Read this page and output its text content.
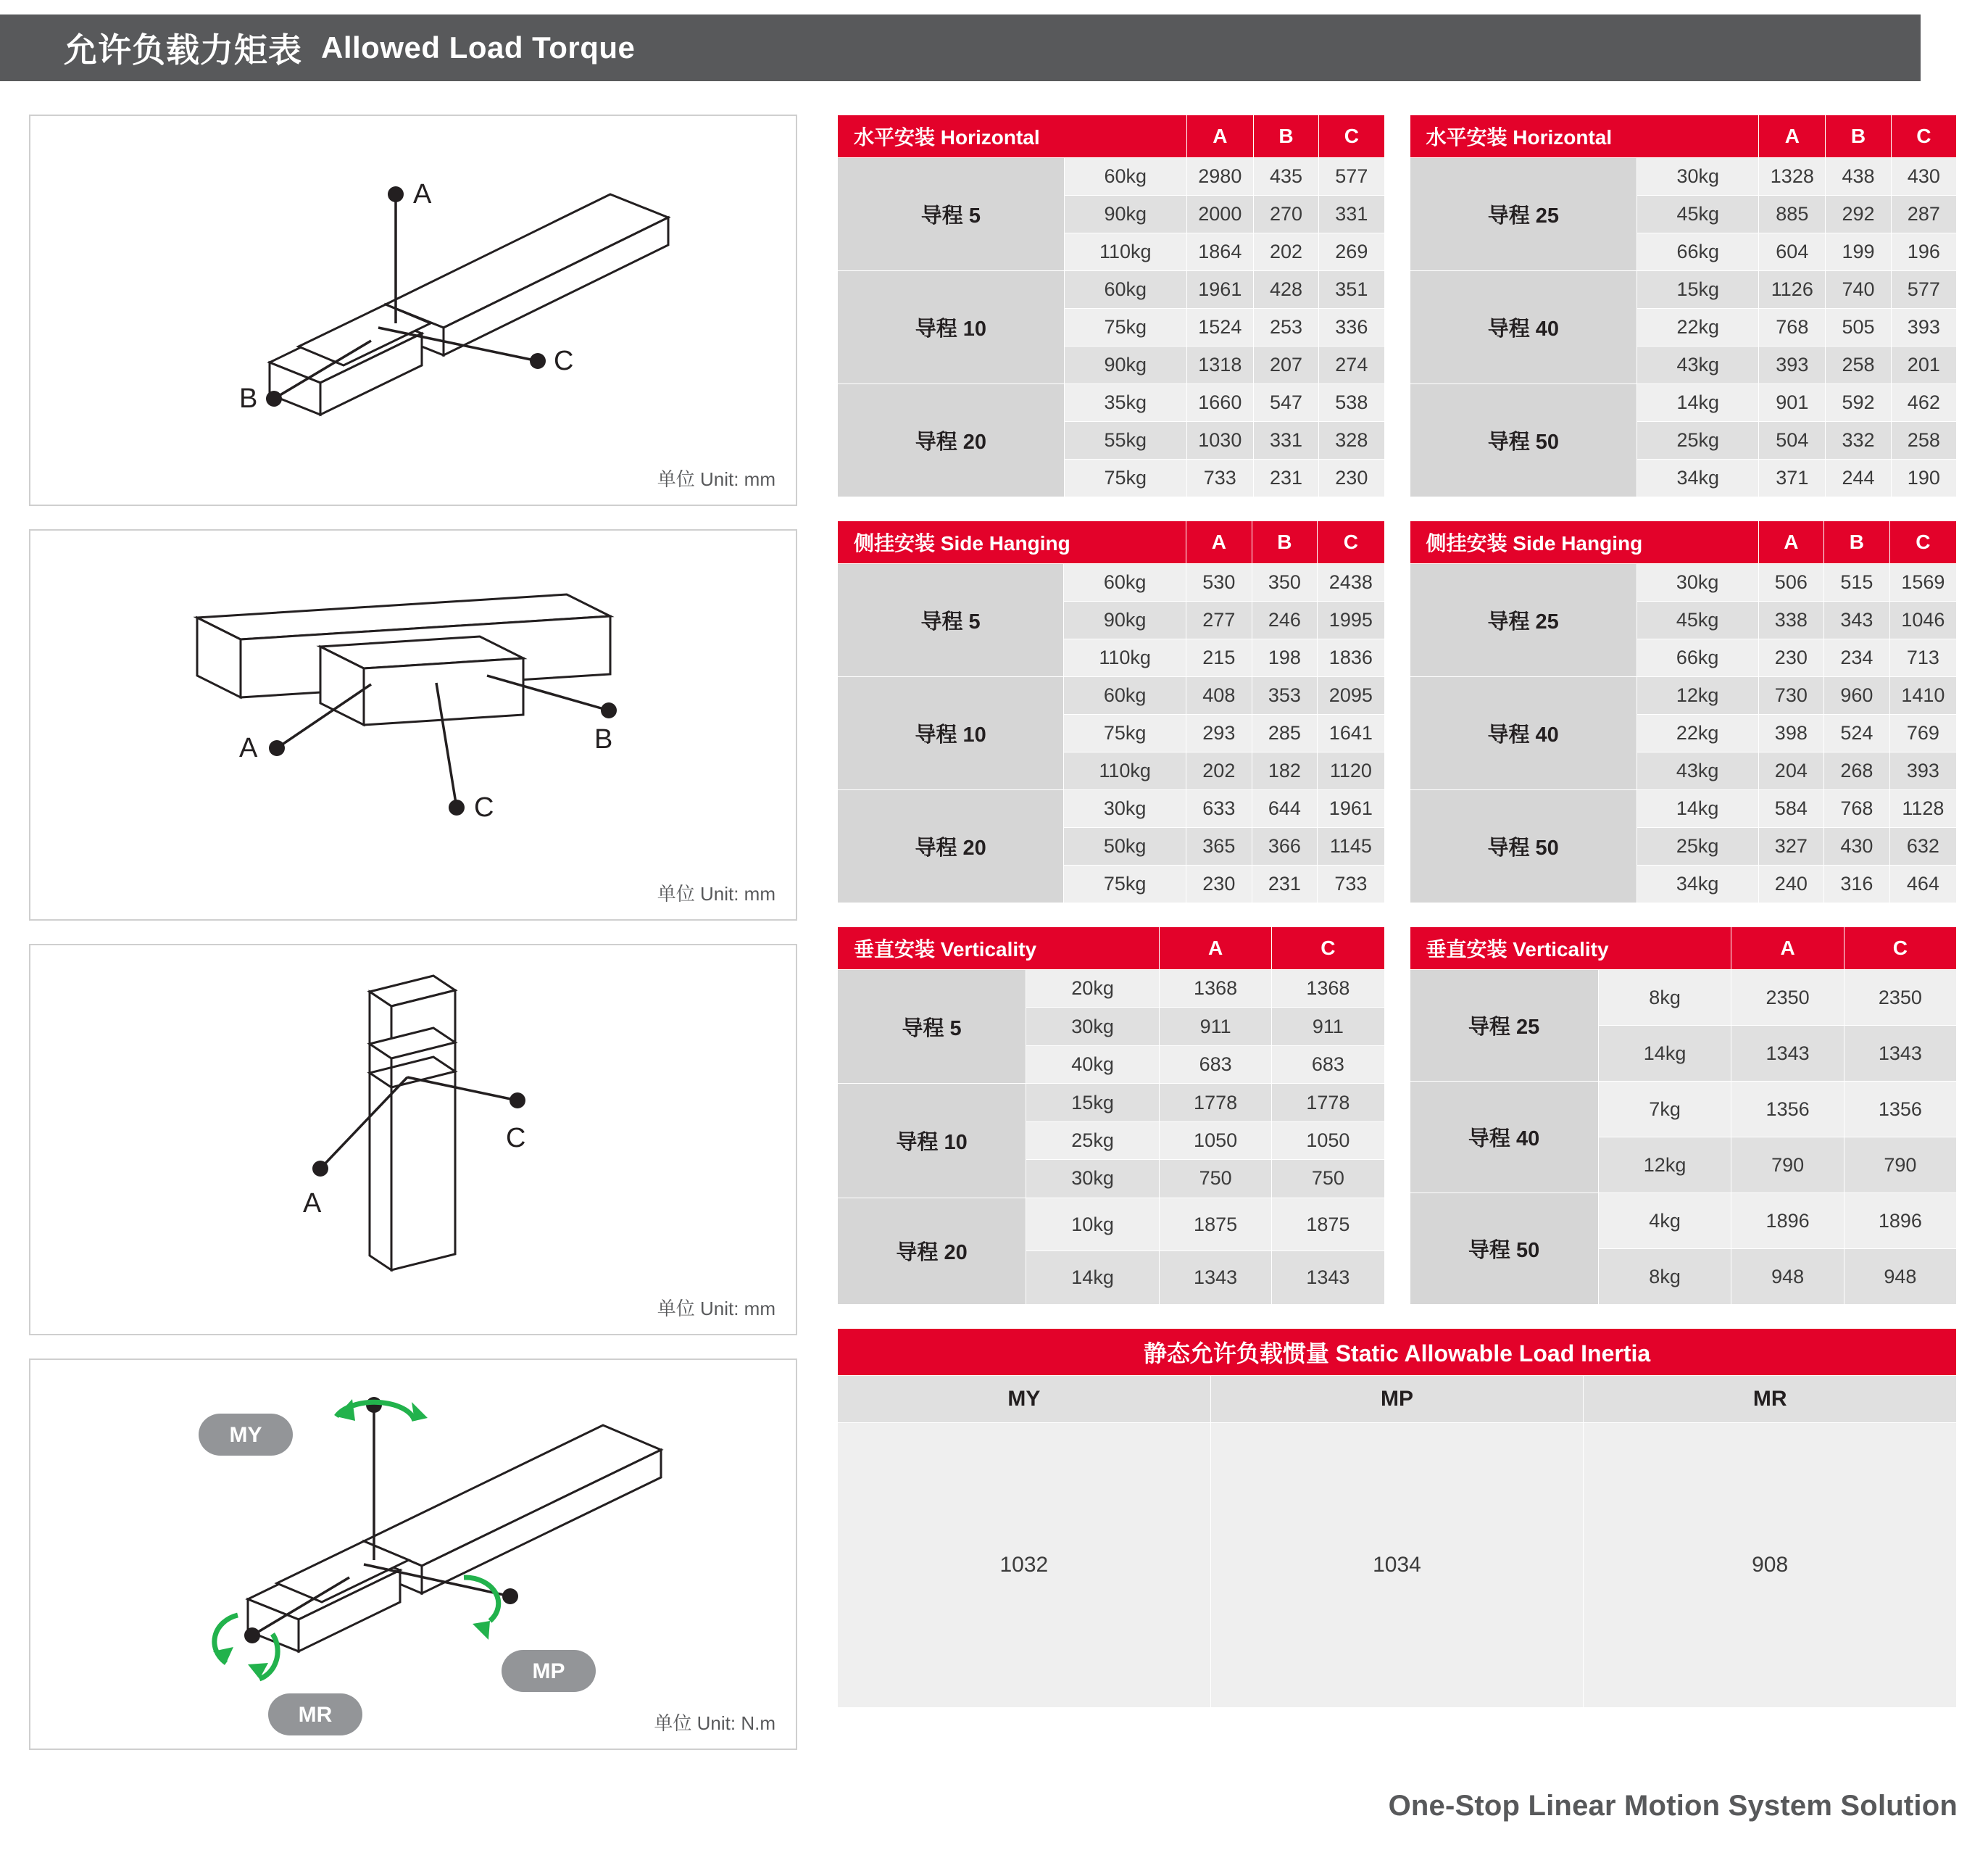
允许负载力矩表 Allowed Load Torque
A
B
C
单位 Unit: mm
A	B
C
单位 Unit: mm
A
C
单位 Unit: mm
MY
MP
MR	单位 Unit: N.m
水平安装 Horizontal		A	B	C
导程 5	60kg	2980	435	577
	90kg	2000	270	331
	110kg	1864	202	269
导程 10	60kg	1961	428	351
	75kg	1524	253	336
	90kg	1318	207	274
导程 20	35kg	1660	547	538
	55kg	1030	331	328
	75kg	733	231	230
水平安装 Horizontal		A	B	C
导程 25	30kg	1328	438	430
	45kg	885	292	287
	66kg	604	199	196
导程 40	15kg	1126	740	577
	22kg	768	505	393
	43kg	393	258	201
导程 50	14kg	901	592	462
	25kg	504	332	258
	34kg	371	244	190
侧挂安装 Side Hanging		A	B	C
导程 5	60kg	530	350	2438
	90kg	277	246	1995
	110kg	215	198	1836
导程 10	60kg	408	353	2095
	75kg	293	285	1641
	110kg	202	182	1120
导程 20	30kg	633	644	1961
	50kg	365	366	1145
	75kg	230	231	733
侧挂安装 Side Hanging		A	B	C
导程 25	30kg	506	515	1569
	45kg	338	343	1046
	66kg	230	234	713
导程 40	12kg	730	960	1410
	22kg	398	524	769
	43kg	204	268	393
导程 50	14kg	584	768	1128
	25kg	327	430	632
	34kg	240	316	464
垂直安装 Verticality		A	C
导程 5	20kg	1368	1368
	30kg	911	911
	40kg	683	683
导程 10	15kg	1778	1778
	25kg	1050	1050
	30kg	750	750
导程 20	10kg	1875	1875
	14kg	1343	1343
垂直安装 Verticality		A	C
导程 25	8kg	2350	2350
	14kg	1343	1343
导程 40	7kg	1356	1356
	12kg	790	790
导程 50	4kg	1896	1896
	8kg	948	948
静态允许负载惯量 Static Allowable Load Inertia		
MY	MP	MR
1032	1034	908
One-Stop Linear Motion System Solution
